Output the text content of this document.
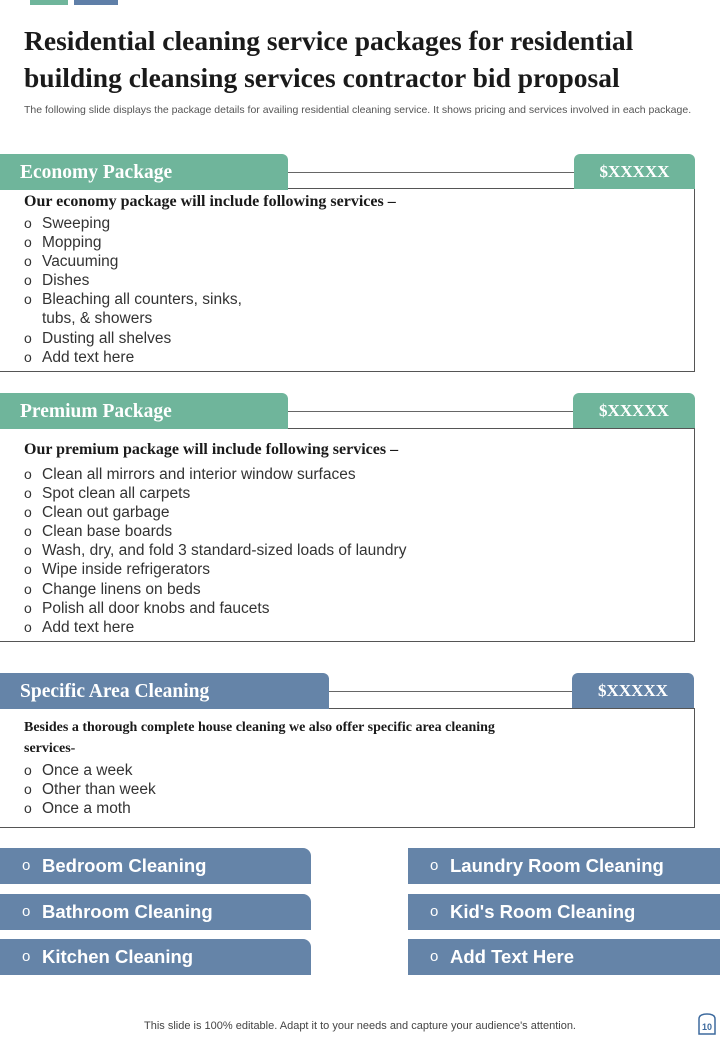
Residential cleaning service packages for residential building cleansing services contractor bid proposal
The following slide displays the package details for availing residential cleaning service. It shows pricing and services involved in each package.
Economy Package	$XXXXX
Our economy package will include following services –
o Sweeping
o Mopping
o Vacuuming
o Dishes
o Bleaching all counters, sinks, tubs, & showers
o Dusting all shelves
o Add text here
Premium Package	$XXXXX
Our premium package will include following services –
o Clean all mirrors and interior window surfaces
o Spot clean all carpets
o Clean out garbage
o Clean base boards
o Wash, dry, and fold 3 standard-sized loads of laundry
o Wipe inside refrigerators
o Change linens on beds
o Polish all door knobs and faucets
o Add text here
Specific Area Cleaning	$XXXXX
Besides a thorough complete house cleaning we also offer specific area cleaning services-
o Once a week
o Other than week
o Once a moth
o Bedroom Cleaning
o Bathroom Cleaning
o Kitchen Cleaning
o Laundry Room Cleaning
o Kid's Room Cleaning
o Add Text Here
This slide is 100% editable. Adapt it to your needs and capture your audience's attention.	10
